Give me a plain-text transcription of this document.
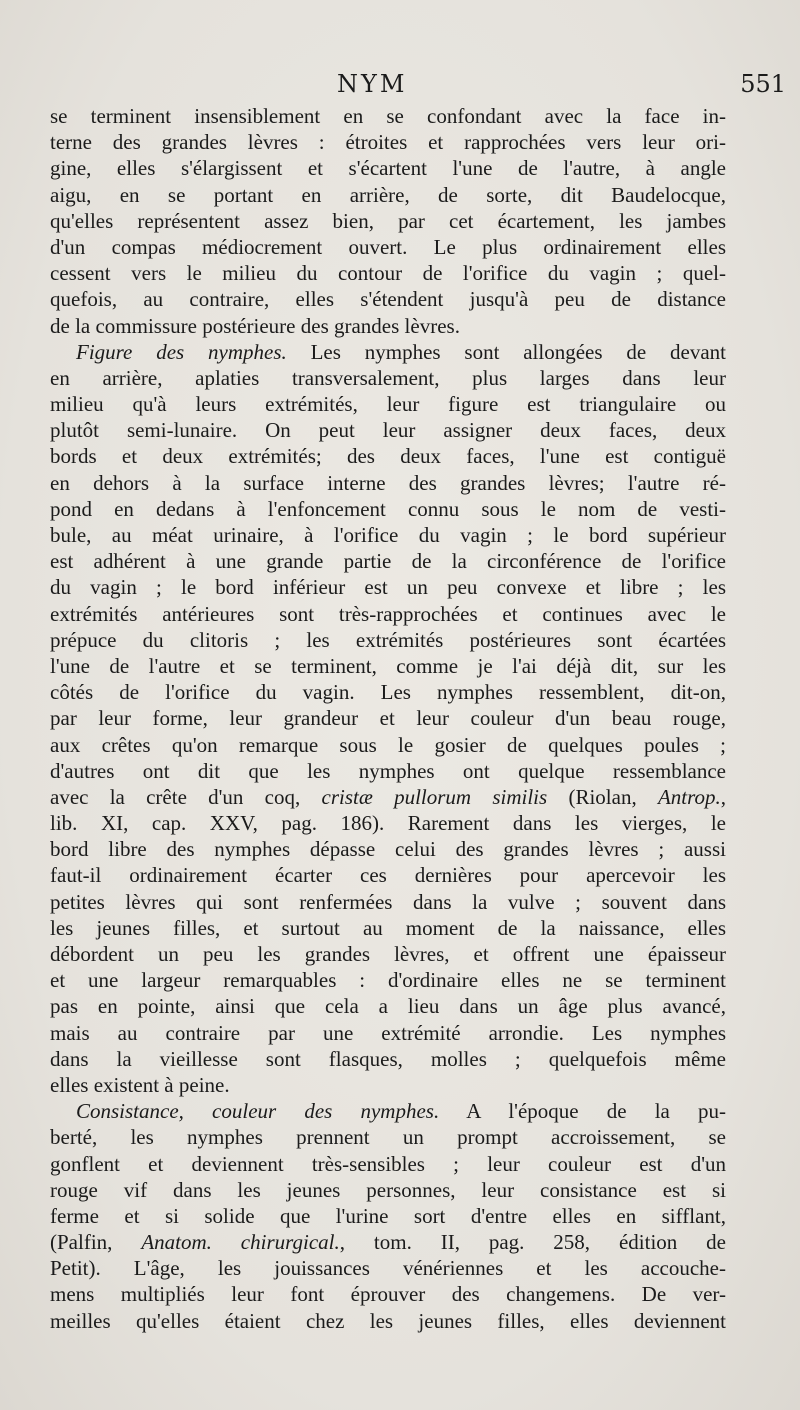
NYM	551
se terminent insensiblement en se confondant avec la face in-
terne des grandes lèvres : étroites et rapprochées vers leur ori-
gine, elles s'élargissent et s'écartent l'une de l'autre, à angle
aigu, en se portant en arrière, de sorte, dit Baudelocque,
qu'elles représentent assez bien, par cet écartement, les jambes
d'un compas médiocrement ouvert. Le plus ordinairement elles
cessent vers le milieu du contour de l'orifice du vagin ; quel-
quefois, au contraire, elles s'étendent jusqu'à peu de distance
de la commissure postérieure des grandes lèvres.
Figure des nymphes. Les nymphes sont allongées de devant
en arrière, aplaties transversalement, plus larges dans leur
milieu qu'à leurs extrémités, leur figure est triangulaire ou
plutôt semi-lunaire. On peut leur assigner deux faces, deux
bords et deux extrémités; des deux faces, l'une est contiguë
en dehors à la surface interne des grandes lèvres; l'autre ré-
pond en dedans à l'enfoncement connu sous le nom de vesti-
bule, au méat urinaire, à l'orifice du vagin ; le bord supérieur
est adhérent à une grande partie de la circonférence de l'orifice
du vagin ; le bord inférieur est un peu convexe et libre ; les
extrémités antérieures sont très-rapprochées et continues avec le
prépuce du clitoris ; les extrémités postérieures sont écartées
l'une de l'autre et se terminent, comme je l'ai déjà dit, sur les
côtés de l'orifice du vagin. Les nymphes ressemblent, dit-on,
par leur forme, leur grandeur et leur couleur d'un beau rouge,
aux crêtes qu'on remarque sous le gosier de quelques poules ;
d'autres ont dit que les nymphes ont quelque ressemblance
avec la crête d'un coq, cristæ pullorum similis (Riolan, Antrop.,
lib. XI, cap. XXV, pag. 186). Rarement dans les vierges, le
bord libre des nymphes dépasse celui des grandes lèvres ; aussi
faut-il ordinairement écarter ces dernières pour apercevoir les
petites lèvres qui sont renfermées dans la vulve ; souvent dans
les jeunes filles, et surtout au moment de la naissance, elles
débordent un peu les grandes lèvres, et offrent une épaisseur
et une largeur remarquables : d'ordinaire elles ne se terminent
pas en pointe, ainsi que cela a lieu dans un âge plus avancé,
mais au contraire par une extrémité arrondie. Les nymphes
dans la vieillesse sont flasques, molles ; quelquefois même
elles existent à peine.
Consistance, couleur des nymphes. A l'époque de la pu-
berté, les nymphes prennent un prompt accroissement, se
gonflent et deviennent très-sensibles ; leur couleur est d'un
rouge vif dans les jeunes personnes, leur consistance est si
ferme et si solide que l'urine sort d'entre elles en sifflant,
(Palfin, Anatom. chirurgical., tom. II, pag. 258, édition de
Petit). L'âge, les jouissances vénériennes et les accouche-
mens multipliés leur font éprouver des changemens. De ver-
meilles qu'elles étaient chez les jeunes filles, elles deviennent
